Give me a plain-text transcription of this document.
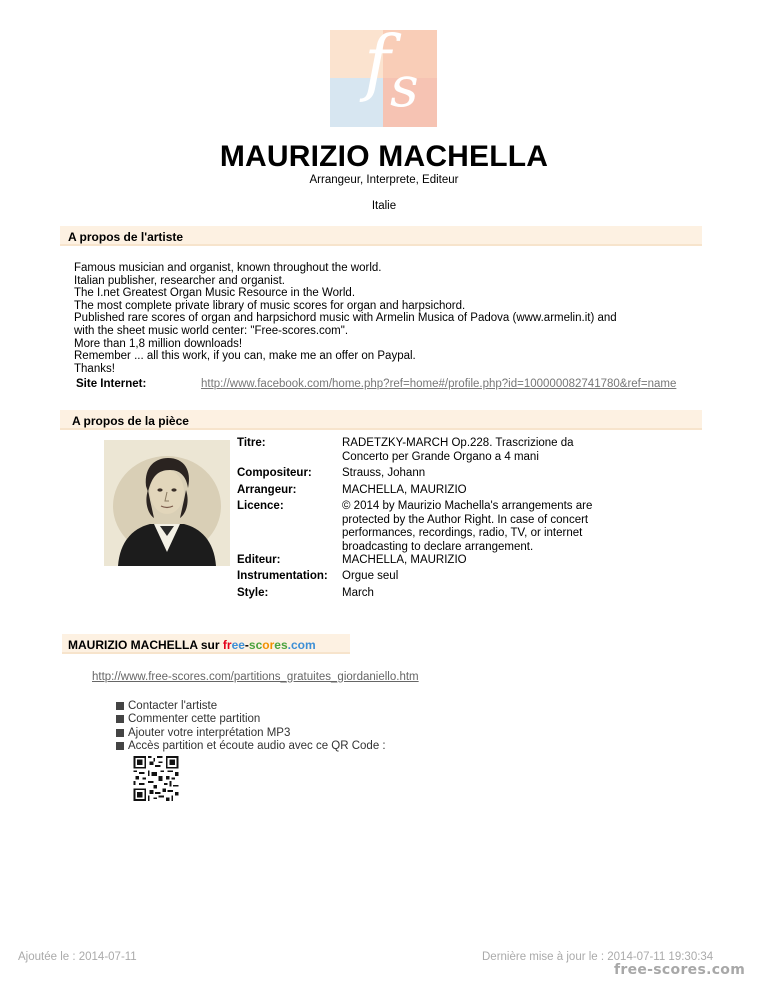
f s
MAURIZIO MACHELLA
Arrangeur, Interprete, Editeur
Italie
A propos de l'artiste
Famous musician and organist, known throughout the world.
Italian publisher, researcher and organist.
The I.net Greatest Organ Music Resource in the World.
The most complete private library of music scores for organ and harpsichord.
Published rare scores of organ and harpsichord music with Armelin Musica of Padova (www.armelin.it) and
with the sheet music world center: "Free-scores.com".
More than 1,8 million downloads!
Remember ... all this work, if you can, make me an offer on Paypal.
Thanks!
Site Internet:	http://www.facebook.com/home.php?ref=home#/profile.php?id=100000082741780&ref=name
A propos de la pièce
Titre:	RADETZKY-MARCH Op.228. Trascrizione da
Concerto per Grande Organo a 4 mani
Compositeur:	Strauss, Johann
Arrangeur:	MACHELLA, MAURIZIO
Licence:	© 2014 by Maurizio Machella's arrangements are
protected by the Author Right. In case of concert
performances, recordings, radio, TV, or internet
broadcasting to declare arrangement.
Editeur:	MACHELLA, MAURIZIO
Instrumentation: Orgue seul
Style:	March
MAURIZIO MACHELLA sur free-scores.com
http://www.free-scores.com/partitions_gratuites_giordaniello.htm
Contacter l'artiste
Commenter cette partition
Ajouter votre interprétation MP3
Accès partition et écoute audio avec ce QR Code :
Ajoutée le : 2014-07-11	Dernière mise à jour le : 2014-07-11 19:30:34
free-scores.com
